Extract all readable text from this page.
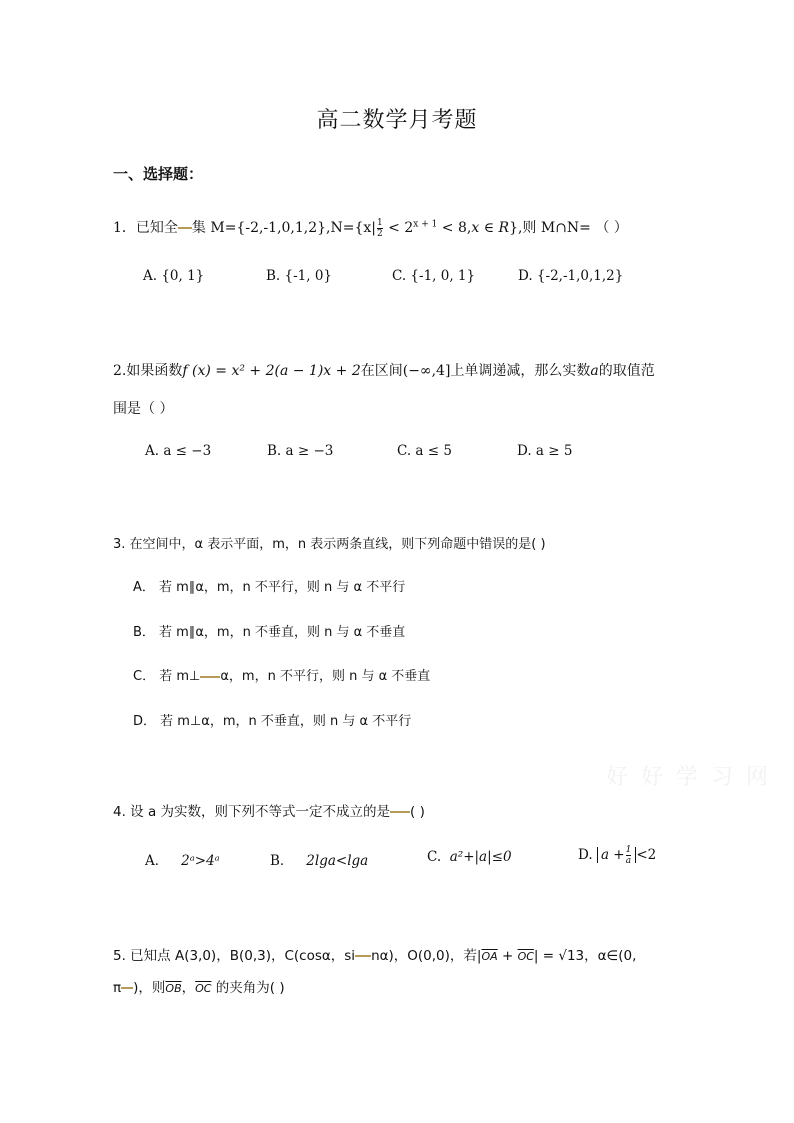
高二数学月考题
一、选择题：
1．已知全 集 $M=\{-2,-1,0,1,2\},N=\{x| \frac{1}{2} < 2^{x + 1} < 8,x$ ∈ R},则 M∩N= （ ）
A. {0, 1}	B. {-1, 0}	C. {-1, 0, 1}	D. {-2,-1,0,1,2}
2.如果函数f (x) = x² + 2(a − 1)x + 2在区间(−∞,4]上单调递减，那么实数a的取值范
围是（ ）
A. a ≤ −3	B. a ≥ −3	C. a ≤ 5	D. a ≥ 5
3. 在空间中，α 表示平面，m，n 表示两条直线，则下列命题中错误的是( )
A． 若 m∥α，m，n 不平行，则 n 与 α 不平行
B． 若 m∥α，m，n 不垂直，则 n 与 α 不垂直
C． 若 m⊥ α，m，n 不平行，则 n 与 α 不垂直
D． 若 m⊥α，m，n 不垂直，则 n 与 α 不平行
好 好 学 习 网
4. 设 a 为实数，则下列不等式一定不成立的是 ( )
A． 2ᵃ>4ᵃ	B． 2lga<lga	C. a²+|a|≤0	D. $a + \frac{1}{a} <2$
5. 已知点 A(3,0)，B(0,3)，C(cosα，si nα)，O(0,0)，若$|\overline{OA} + \overline{OC}| = √13$，α∈(0,
π )，则$\overline{OB}$，$\overline{OC}$ 的夹角为( )
